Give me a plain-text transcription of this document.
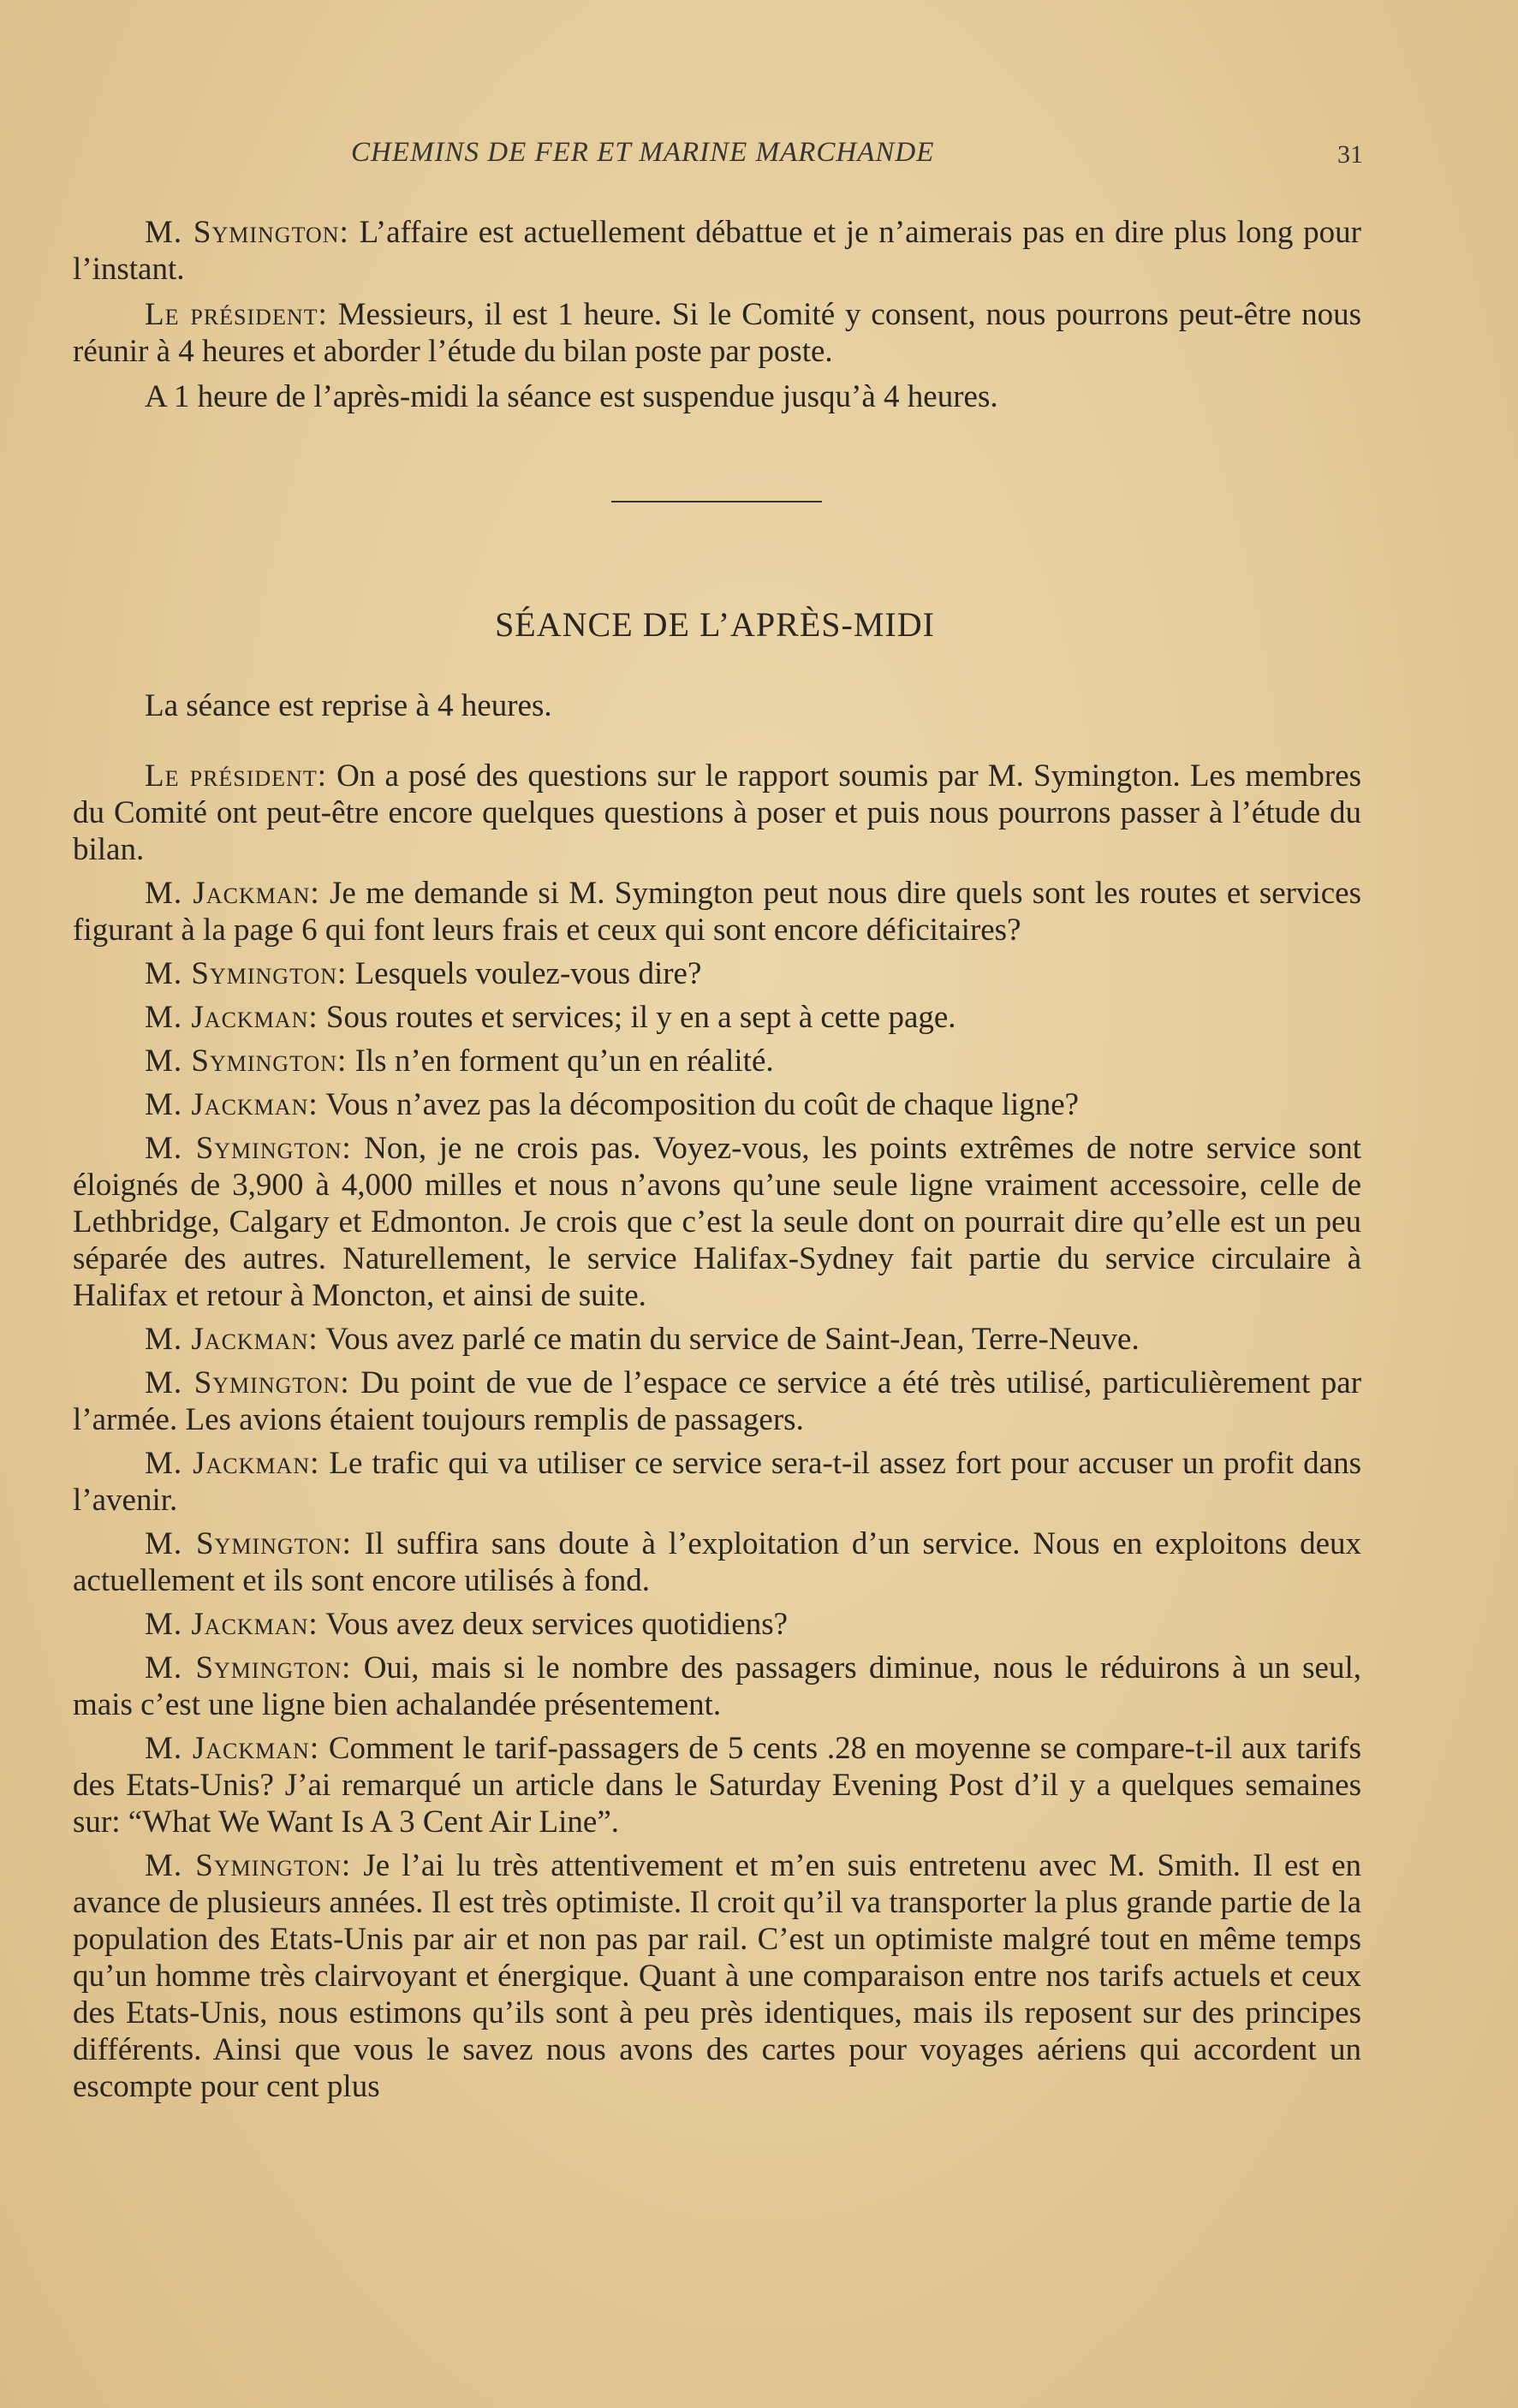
CHEMINS DE FER ET MARINE MARCHANDE	31

M. Symington: L’affaire est actuellement débattue et je n’aimerais pas en dire plus long pour l’instant.

Le président: Messieurs, il est 1 heure. Si le Comité y consent, nous pourrons peut-être nous réunir à 4 heures et aborder l’étude du bilan poste par poste.

A 1 heure de l’après-midi la séance est suspendue jusqu’à 4 heures.

SÉANCE DE L’APRÈS-MIDI
La séance est reprise à 4 heures.

Le président: On a posé des questions sur le rapport soumis par M. Symington. Les membres du Comité ont peut-être encore quelques questions à poser et puis nous pourrons passer à l’étude du bilan.

M. Jackman: Je me demande si M. Symington peut nous dire quels sont les routes et services figurant à la page 6 qui font leurs frais et ceux qui sont encore déficitaires?

M. Symington: Lesquels voulez-vous dire?

M. Jackman: Sous routes et services; il y en a sept à cette page.

M. Symington: Ils n’en forment qu’un en réalité.

M. Jackman: Vous n’avez pas la décomposition du coût de chaque ligne?

M. Symington: Non, je ne crois pas. Voyez-vous, les points extrêmes de notre service sont éloignés de 3,900 à 4,000 milles et nous n’avons qu’une seule ligne vraiment accessoire, celle de Lethbridge, Calgary et Edmonton. Je crois que c’est la seule dont on pourrait dire qu’elle est un peu séparée des autres. Naturellement, le service Halifax-Sydney fait partie du service circulaire à Halifax et retour à Moncton, et ainsi de suite.

M. Jackman: Vous avez parlé ce matin du service de Saint-Jean, Terre-Neuve.

M. Symington: Du point de vue de l’espace ce service a été très utilisé, particulièrement par l’armée. Les avions étaient toujours remplis de passagers.

M. Jackman: Le trafic qui va utiliser ce service sera-t-il assez fort pour accuser un profit dans l’avenir.

M. Symington: Il suffira sans doute à l’exploitation d’un service. Nous en exploitons deux actuellement et ils sont encore utilisés à fond.

M. Jackman: Vous avez deux services quotidiens?

M. Symington: Oui, mais si le nombre des passagers diminue, nous le réduirons à un seul, mais c’est une ligne bien achalandée présentement.

M. Jackman: Comment le tarif-passagers de 5 cents .28 en moyenne se compare-t-il aux tarifs des Etats-Unis? J’ai remarqué un article dans le Saturday Evening Post d’il y a quelques semaines sur: “What We Want Is A 3 Cent Air Line”.

M. Symington: Je l’ai lu très attentivement et m’en suis entretenu avec M. Smith. Il est en avance de plusieurs années. Il est très optimiste. Il croit qu’il va transporter la plus grande partie de la population des Etats-Unis par air et non pas par rail. C’est un optimiste malgré tout en même temps qu’un homme très clairvoyant et énergique. Quant à une comparaison entre nos tarifs actuels et ceux des Etats-Unis, nous estimons qu’ils sont à peu près identiques, mais ils reposent sur des principes différents. Ainsi que vous le savez nous avons des cartes pour voyages aériens qui accordent un escompte pour cent plus
